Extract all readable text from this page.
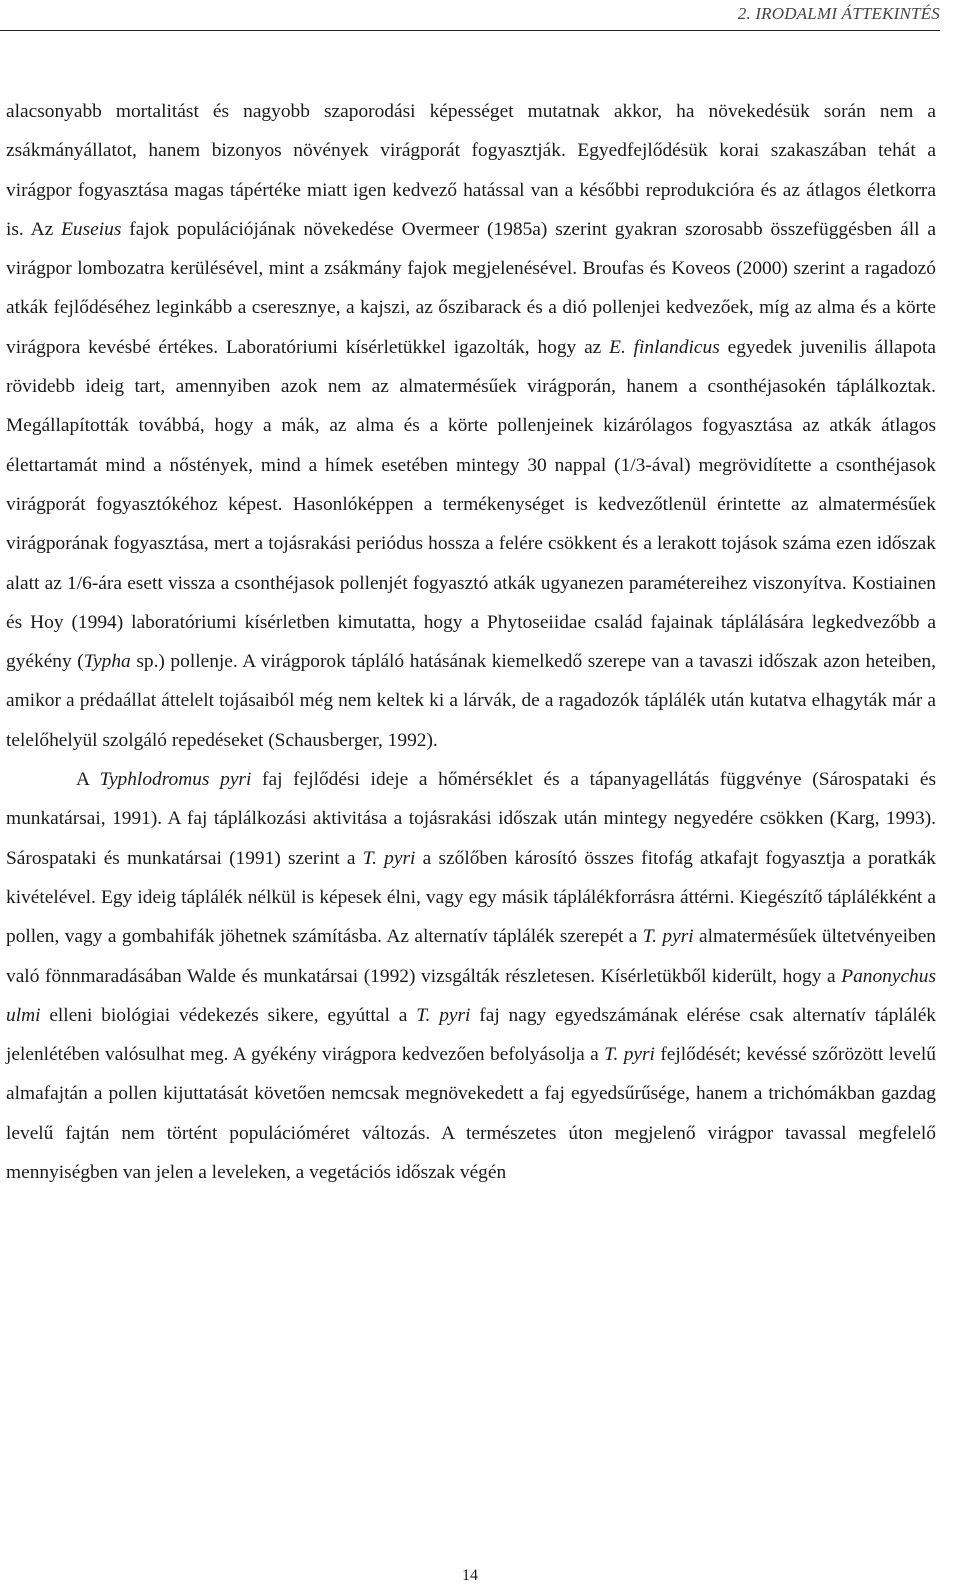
2. IRODALMI ÁTTEKINTÉS

alacsonyabb mortalitást és nagyobb szaporodási képességet mutatnak akkor, ha növekedésük során nem a zsákmányállatot, hanem bizonyos növények virágporát fogyasztják. Egyedfejlődésük korai szakaszában tehát a virágpor fogyasztása magas tápértéke miatt igen kedvező hatással van a későbbi reprodukcióra és az átlagos életkorra is. Az Euseius fajok populációjának növekedése Overmeer (1985a) szerint gyakran szorosabb összefüggésben áll a virágpor lombozatra kerülésével, mint a zsákmány fajok megjelenésével. Broufas és Koveos (2000) szerint a ragadozó atkák fejlődéséhez leginkább a cseresznye, a kajszi, az őszibarack és a dió pollenjei kedvezőek, míg az alma és a körte virágpora kevésbé értékes. Laboratóriumi kísérletükkel igazolták, hogy az E. finlandicus egyedek juvenilis állapota rövidebb ideig tart, amennyiben azok nem az almatermésűek virágporán, hanem a csonthéjasokén táplálkoztak. Megállapították továbbá, hogy a mák, az alma és a körte pollenjeinek kizárólagos fogyasztása az atkák átlagos élettartamát mind a nőstények, mind a hímek esetében mintegy 30 nappal (1/3-ával) megrövidítette a csonthéjasok virágporát fogyasztókéhoz képest. Hasonlóképpen a termékenységet is kedvezőtlenül érintette az almatermésűek virágporának fogyasztása, mert a tojásrakási periódus hossza a felére csökkent és a lerakott tojások száma ezen időszak alatt az 1/6-ára esett vissza a csonthéjasok pollenjét fogyasztó atkák ugyanezen paramétereihez viszonyítva. Kostiainen és Hoy (1994) laboratóriumi kísérletben kimutatta, hogy a Phytoseiidae család fajainak táplálására legkedvezőbb a gyékény (Typha sp.) pollenje. A virágporok tápláló hatásának kiemelkedő szerepe van a tavaszi időszak azon heteiben, amikor a prédaállat áttelelt tojásaiból még nem keltek ki a lárvák, de a ragadozók táplálék után kutatva elhagyták már a telelőhelyül szolgáló repedéseket (Schausberger, 1992).

A Typhlodromus pyri faj fejlődési ideje a hőmérséklet és a tápanyagellátás függvénye (Sárospataki és munkatársai, 1991). A faj táplálkozási aktivitása a tojásrakási időszak után mintegy negyedére csökken (Karg, 1993). Sárospataki és munkatársai (1991) szerint a T. pyri a szőlőben károsító összes fitofág atkafajt fogyasztja a poratkák kivételével. Egy ideig táplálék nélkül is képesek élni, vagy egy másik táplálékforrásra áttérni. Kiegészítő táplálékként a pollen, vagy a gombahifák jöhetnek számításba. Az alternatív táplálék szerepét a T. pyri almatermésűek ültetvényeiben való fönnmaradásában Walde és munkatársai (1992) vizsgálták részletesen. Kísérletükből kiderült, hogy a Panonychus ulmi elleni biológiai védekezés sikere, egyúttal a T. pyri faj nagy egyedszámának elérése csak alternatív táplálék jelenlétében valósulhat meg. A gyékény virágpora kedvezően befolyásolja a T. pyri fejlődését; kevéssé szőrözött levelű almafajtán a pollen kijuttatását követően nemcsak megnövekedett a faj egyedsűrűsége, hanem a trichómákban gazdag levelű fajtán nem történt populációméret változás. A természetes úton megjelenő virágpor tavassal megfelelő mennyiségben van jelen a leveleken, a vegetációs időszak végén

14
